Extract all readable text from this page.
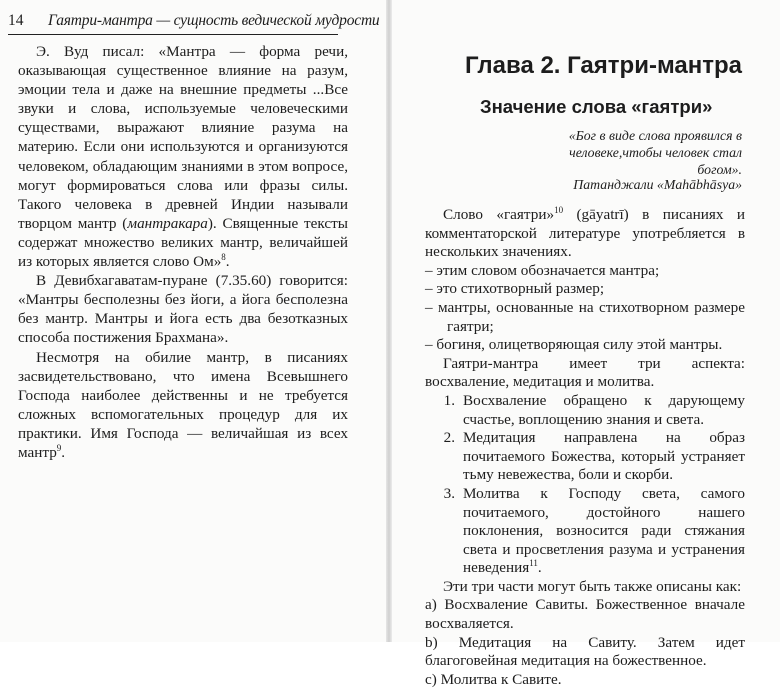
14 Гаятри-мантра — сущность ведической мудрости

Э. Вуд писал: «Мантра — форма речи, оказывающая существенное влияние на разум, эмоции тела и даже на внешние предметы ...Все звуки и слова, используемые человеческими существами, выражают влияние разума на материю. Если они используются и организуются человеком, обладающим знаниями в этом вопросе, могут формироваться слова или фразы силы. Такого человека в древней Индии называли творцом мантр (мантракара). Священные тексты содержат множество великих мантр, величайшей из которых является слово Ом»$^8$.

В Девибхагаватам-пуране (7.35.60) говорится: «Мантры бесполезны без йоги, а йога бесполезна без мантр. Мантры и йога есть два безотказных способа постижения Брахмана».

Несмотря на обилие мантр, в писаниях засвидетельствовано, что имена Всевышнего Господа наиболее действенны и не требуется сложных вспомогательных процедур для их практики. Имя Господа — величайшая из всех мантр$^9$.

Глава 2. Гаятри-мантра
Значение слова «гаятри»
«Бог в виде слова проявился в человеке,чтобы человек стал богом».
Патанджали «Mahābhāsya»

Слово «гаятри»$^{10}$ (gāyatrī) в писаниях и комментаторской литературе употребляется в нескольких значениях.

– этим словом обозначается мантра;

– это стихотворный размер;

– мантры, основанные на стихотворном размере гаятри;

– богиня, олицетворяющая силу этой мантры.

Гаятри-мантра имеет три аспекта: восхваление, медитация и молитва.

1. Восхваление обращено к дарующему счастье, воплощению знания и света.
2. Медитация направлена на образ почитаемого Божества, который устраняет тьму невежества, боли и скорби.
3. Молитва к Господу света, самого почитаемого, достойного нашего поклонения, возносится ради стяжания света и просветления разума и устранения неведения$^{11}$.

Эти три части могут быть также описаны как:

a) Восхваление Савиты. Божественное вначале восхваляется.

b) Медитация на Савиту. Затем идет благоговейная медитация на божественное.

c) Молитва к Савите.
